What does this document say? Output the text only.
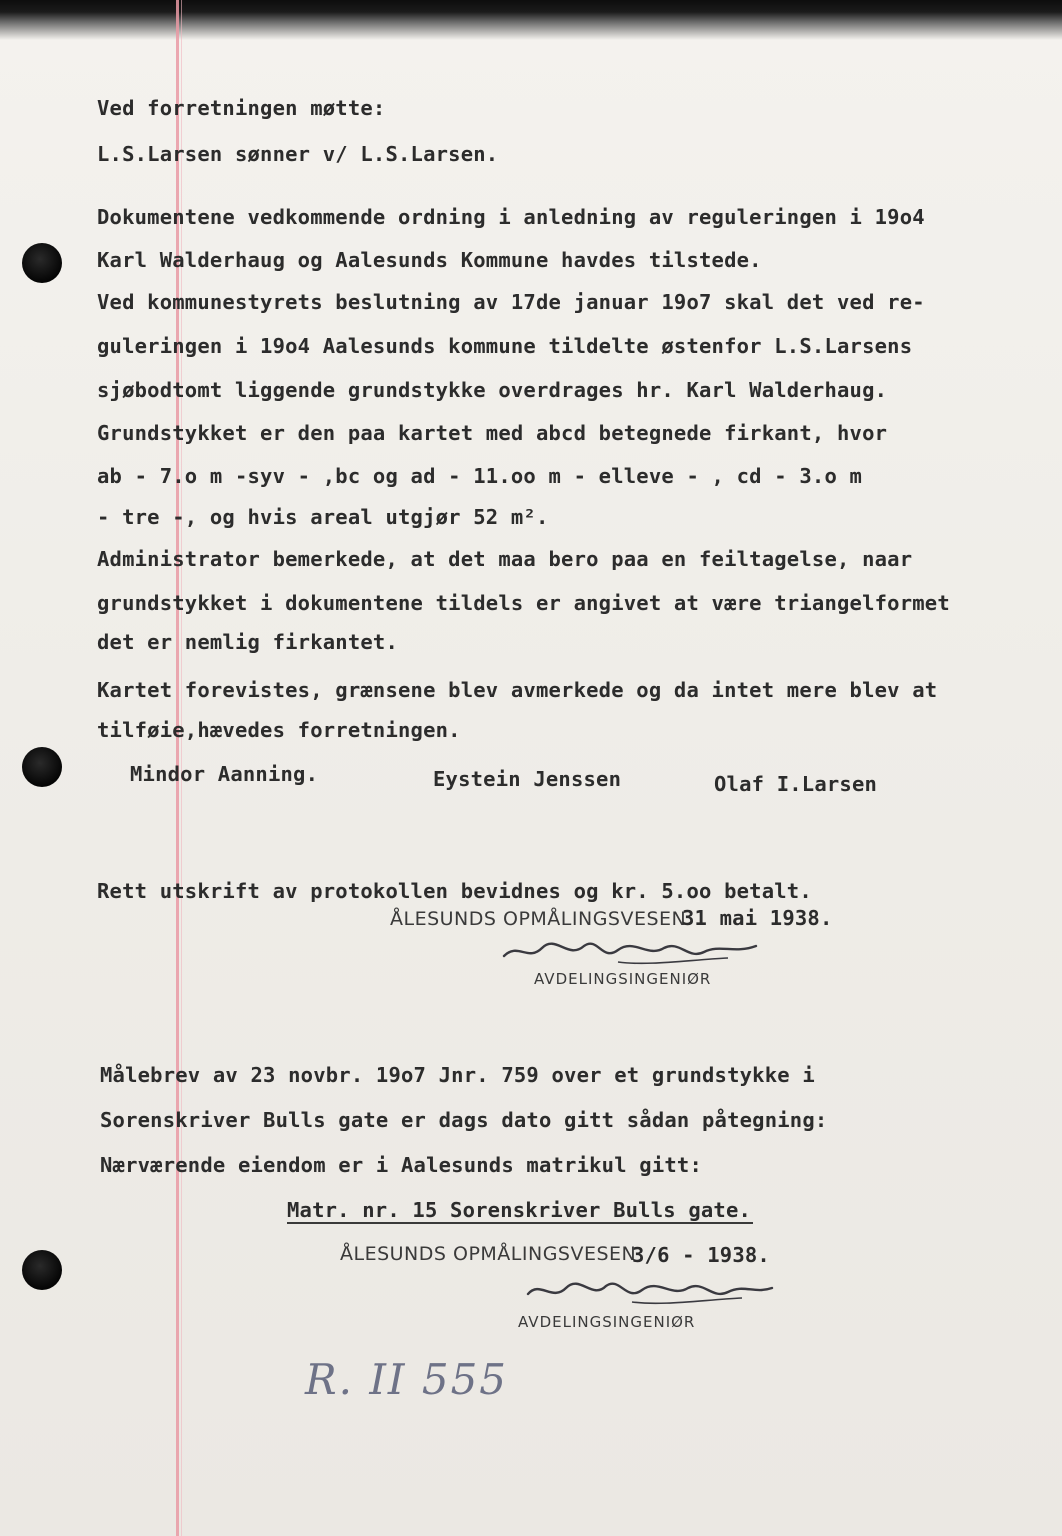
Ved forretningen møtte:
L.S.Larsen sønner v/ L.S.Larsen.
Dokumentene vedkommende ordning i anledning av reguleringen i 19o4
Karl Walderhaug og Aalesunds Kommune havdes tilstede.
Ved kommunestyrets beslutning av 17de januar 19o7 skal det ved re-
guleringen i 19o4 Aalesunds kommune tildelte østenfor L.S.Larsens
sjøbodtomt liggende grundstykke overdrages hr. Karl Walderhaug.
Grundstykket er den paa kartet med abcd betegnede firkant, hvor
ab - 7.o m -syv - ,bc og ad - 11.oo m - elleve - , cd - 3.o m
- tre -, og hvis areal utgjør 52 m².
Administrator bemerkede, at det maa bero paa en feiltagelse, naar
grundstykket i dokumentene tildels er angivet at være triangelformet
det er nemlig firkantet.
Kartet forevistes, grænsene blev avmerkede og da intet mere blev at
tilføie,hævedes forretningen.
Mindor Aanning.	Eystein Jenssen	Olaf I.Larsen
Rett utskrift av protokollen bevidnes og kr. 5.oo betalt.
ÅLESUNDS OPMÅLINGSVESEN
31 mai 1938.
AVDELINGSINGENIØR
Målebrev av 23 novbr. 19o7 Jnr. 759 over et grundstykke i
Sorenskriver Bulls gate er dags dato gitt sådan påtegning:
Nærværende eiendom er i Aalesunds matrikul gitt:
Matr. nr. 15 Sorenskriver Bulls gate.
ÅLESUNDS OPMÅLINGSVESEN
3/6 - 1938.
AVDELINGSINGENIØR
R. II 555
